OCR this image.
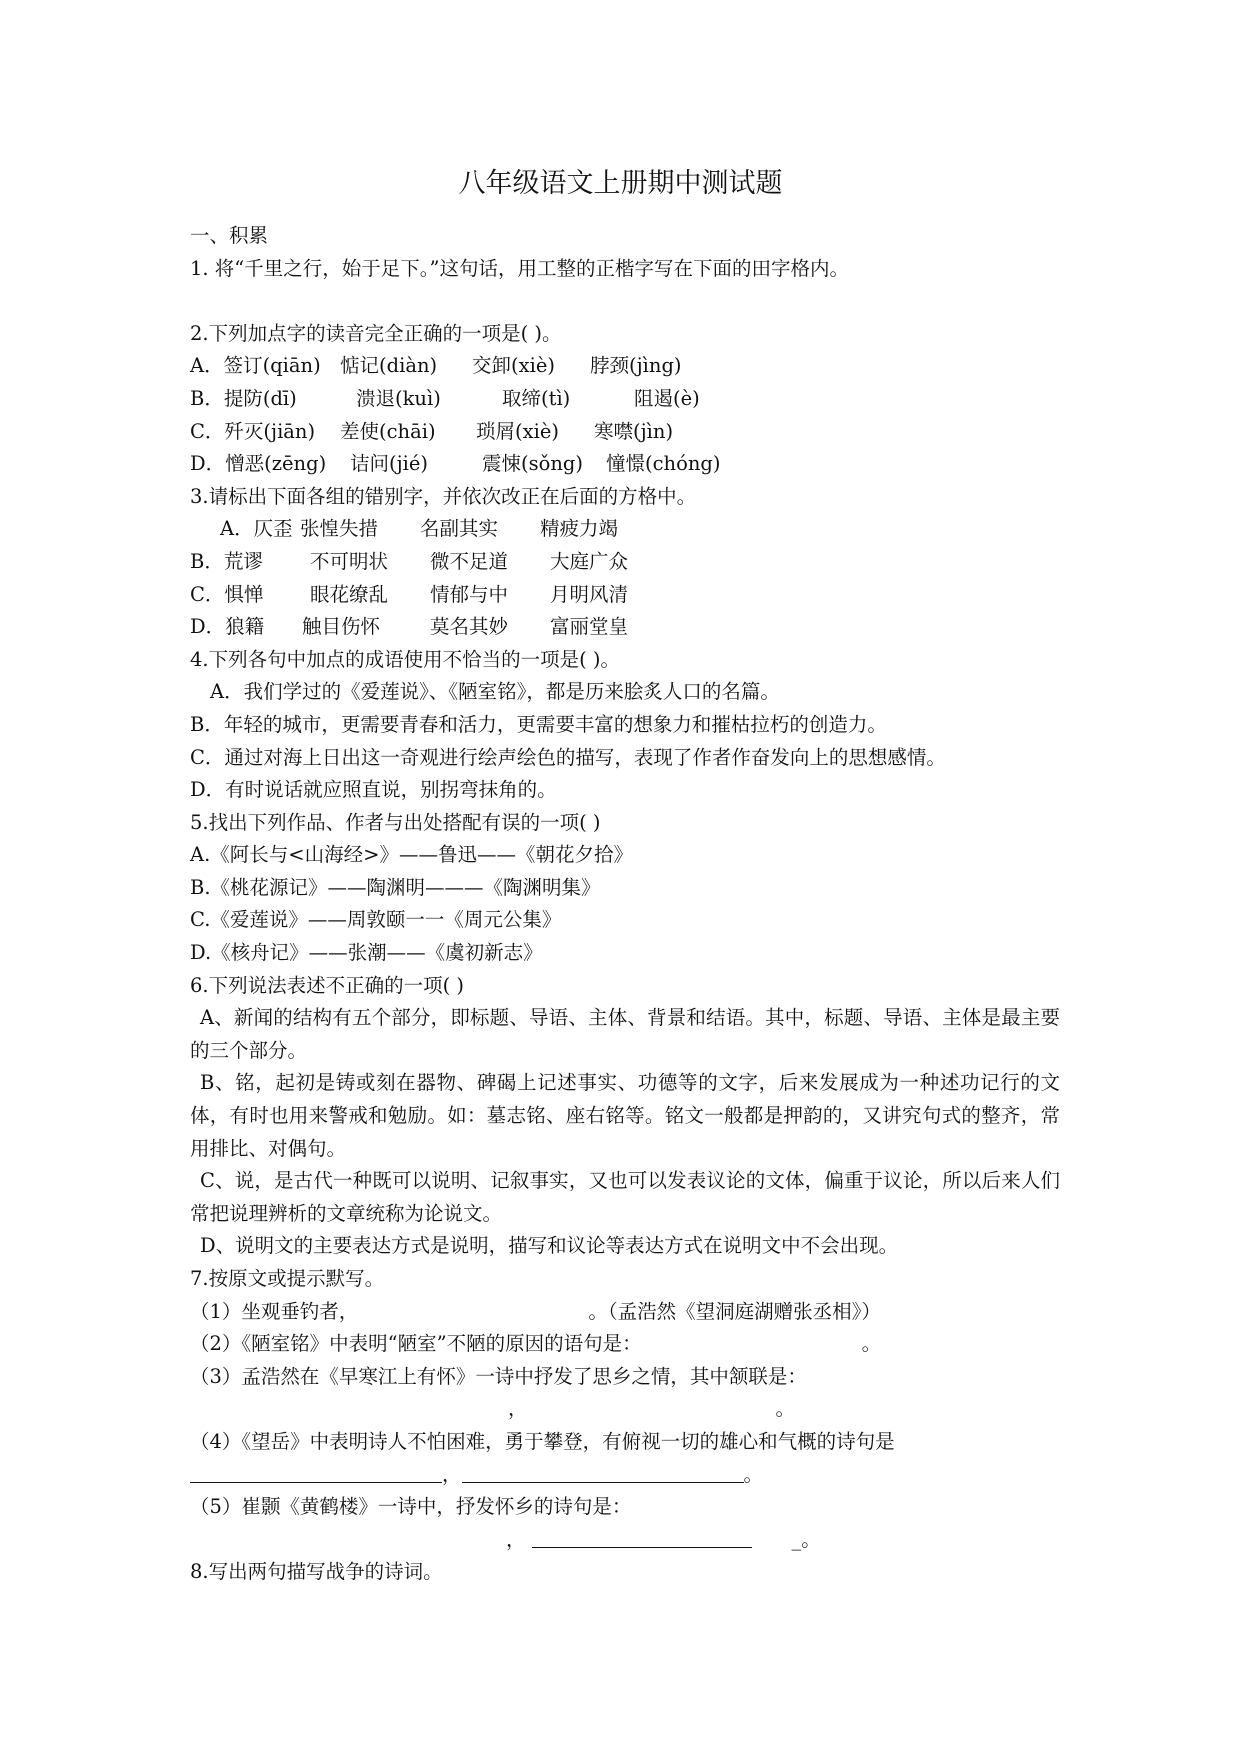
八年级语文上册期中测试题
一、积累
1. 将“千里之行，始于足下。”这句话，用工整的正楷字写在下面的田字格内。
2.下列加点字的读音完全正确的一项是( )。
A．签订(qiān) 惦记(diàn) 交卸(xiè) 脖颈(jìng)
B．提防(dī)	溃退(kuì)	取缔(tì)	阻遏(è)
C．歼灭(jiān) 差使(chāi) 琐屑(xiè) 寒噤(jìn)
D．憎恶(zēng) 诘问(jié)	震悚(sǒng) 憧憬(chóng)
3.请标出下面各组的错别字，并依次改正在后面的方格中。
A．仄歪 张惶失措 名副其实 精疲力竭
B．荒谬 不可明状 微不足道 大庭广众
C．惧惮 眼花缭乱 情郁与中 月明风清
D．狼籍 触目伤怀	莫名其妙 富丽堂皇
4.下列各句中加点的成语使用不恰当的一项是( )。
A．我们学过的《爱莲说》、《陋室铭》，都是历来脍炙人口的名篇。
B．年轻的城市，更需要青春和活力，更需要丰富的想象力和摧枯拉朽的创造力。
C．通过对海上日出这一奇观进行绘声绘色的描写，表现了作者作奋发向上的思想感情。
D．有时说话就应照直说，别拐弯抹角的。
5.找出下列作品、作者与出处搭配有误的一项( )
A.《阿长与<山海经>》——鲁迅——《朝花夕拾》
B.《桃花源记》——陶渊明———《陶渊明集》
C.《爱莲说》——周敦颐一一《周元公集》
D.《核舟记》——张潮——《虞初新志》
6.下列说法表述不正确的一项( )
A、新闻的结构有五个部分，即标题、导语、主体、背景和结语。其中，标题、导语、主体是最主要的三个部分。
B、铭，起初是铸或刻在器物、碑碣上记述事实、功德等的文字，后来发展成为一种述功记行的文体，有时也用来警戒和勉励。如：墓志铭、座右铭等。铭文一般都是押韵的，又讲究句式的整齐，常用排比、对偶句。
C、说，是古代一种既可以说明、记叙事实，又也可以发表议论的文体，偏重于议论，所以后来人们常把说理辨析的文章统称为论说文。
D、说明文的主要表达方式是说明，描写和议论等表达方式在说明文中不会出现。
7.按原文或提示默写。
（1）坐观垂钓者，	。（孟浩然《望洞庭湖赠张丞相》）
（2）《陋室铭》中表明“陋室”不陋的原因的语句是：	。
（3）孟浩然在《早寒江上有怀》一诗中抒发了思乡之情，其中颔联是：
，	。
（4）《望岳》中表明诗人不怕困难，勇于攀登，有俯视一切的雄心和气概的诗句是
，	。
（5）崔颢《黄鹤楼》一诗中，抒发怀乡的诗句是：
，	_。
8.写出两句描写战争的诗词。
